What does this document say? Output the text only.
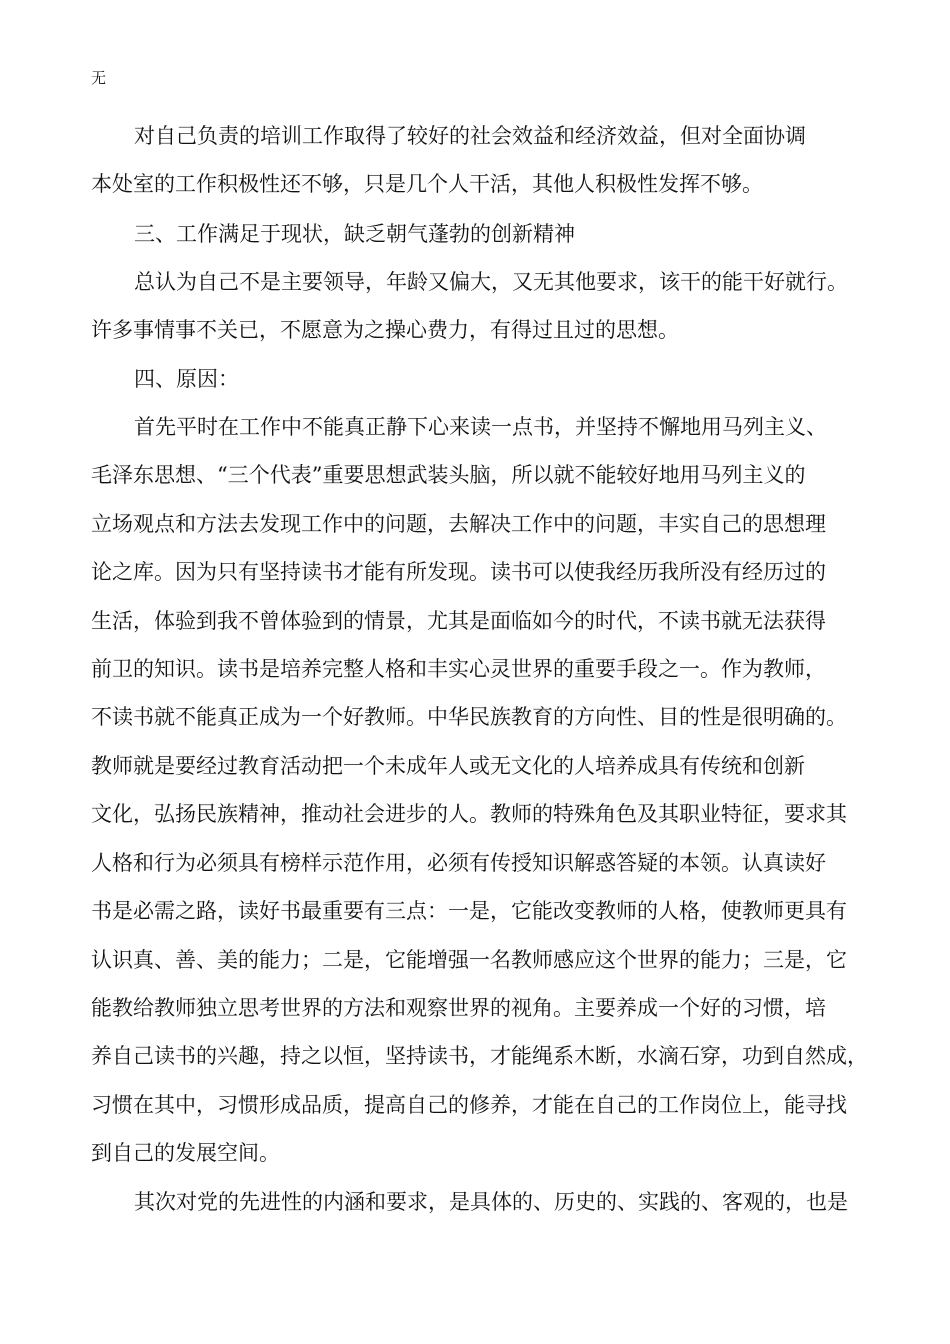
无
对自己负责的培训工作取得了较好的社会效益和经济效益，但对全面协调
本处室的工作积极性还不够，只是几个人干活，其他人积极性发挥不够。
三、工作满足于现状，缺乏朝气蓬勃的创新精神
总认为自己不是主要领导，年龄又偏大，又无其他要求，该干的能干好就行。
许多事情事不关已，不愿意为之操心费力，有得过且过的思想。
四、原因：
首先平时在工作中不能真正静下心来读一点书，并坚持不懈地用马列主义、
毛泽东思想、“三个代表”重要思想武装头脑，所以就不能较好地用马列主义的
立场观点和方法去发现工作中的问题，去解决工作中的问题，丰实自己的思想理
论之库。因为只有坚持读书才能有所发现。读书可以使我经历我所没有经历过的
生活，体验到我不曾体验到的情景，尤其是面临如今的时代，不读书就无法获得
前卫的知识。读书是培养完整人格和丰实心灵世界的重要手段之一。作为教师，
不读书就不能真正成为一个好教师。中华民族教育的方向性、目的性是很明确的。
教师就是要经过教育活动把一个未成年人或无文化的人培养成具有传统和创新
文化，弘扬民族精神，推动社会进步的人。教师的特殊角色及其职业特征，要求其
人格和行为必须具有榜样示范作用，必须有传授知识解惑答疑的本领。认真读好
书是必需之路，读好书最重要有三点：一是，它能改变教师的人格，使教师更具有
认识真、善、美的能力；二是，它能增强一名教师感应这个世界的能力；三是，它
能教给教师独立思考世界的方法和观察世界的视角。主要养成一个好的习惯，培
养自己读书的兴趣，持之以恒，坚持读书，才能绳系木断，水滴石穿，功到自然成，
习惯在其中，习惯形成品质，提高自己的修养，才能在自己的工作岗位上，能寻找
到自己的发展空间。
其次对党的先进性的内涵和要求，是具体的、历史的、实践的、客观的，也是
